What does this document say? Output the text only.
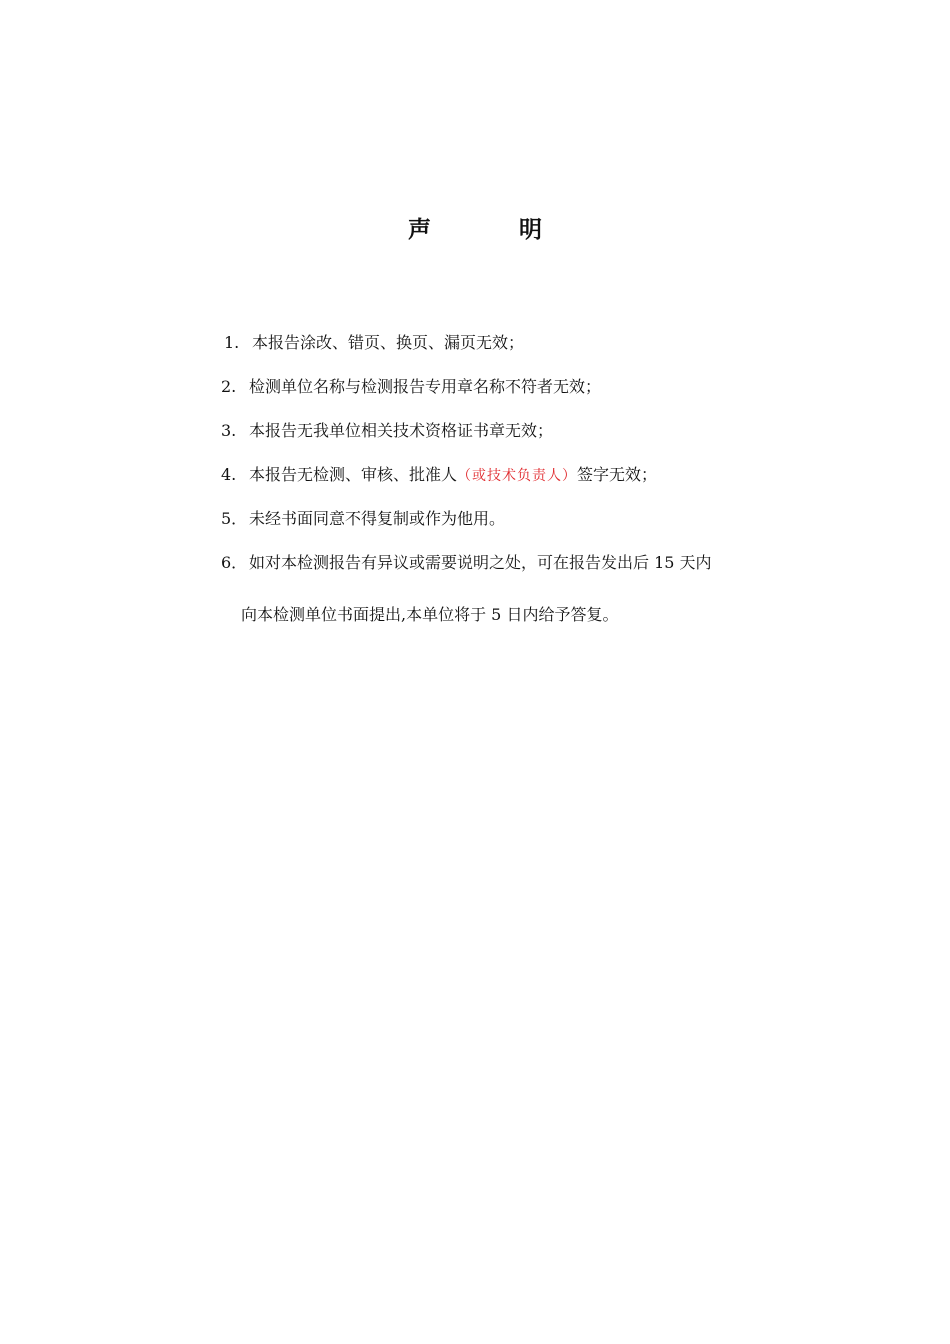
声	明
1. 本报告涂改、错页、换页、漏页无效；
2. 检测单位名称与检测报告专用章名称不符者无效；
3. 本报告无我单位相关技术资格证书章无效；
4. 本报告无检测、审核、批准人（或技术负责人）签字无效；
5． 未经书面同意不得复制或作为他用。
6． 如对本检测报告有异议或需要说明之处，可在报告发出后 15 天内
向本检测单位书面提出,本单位将于 5 日内给予答复。
